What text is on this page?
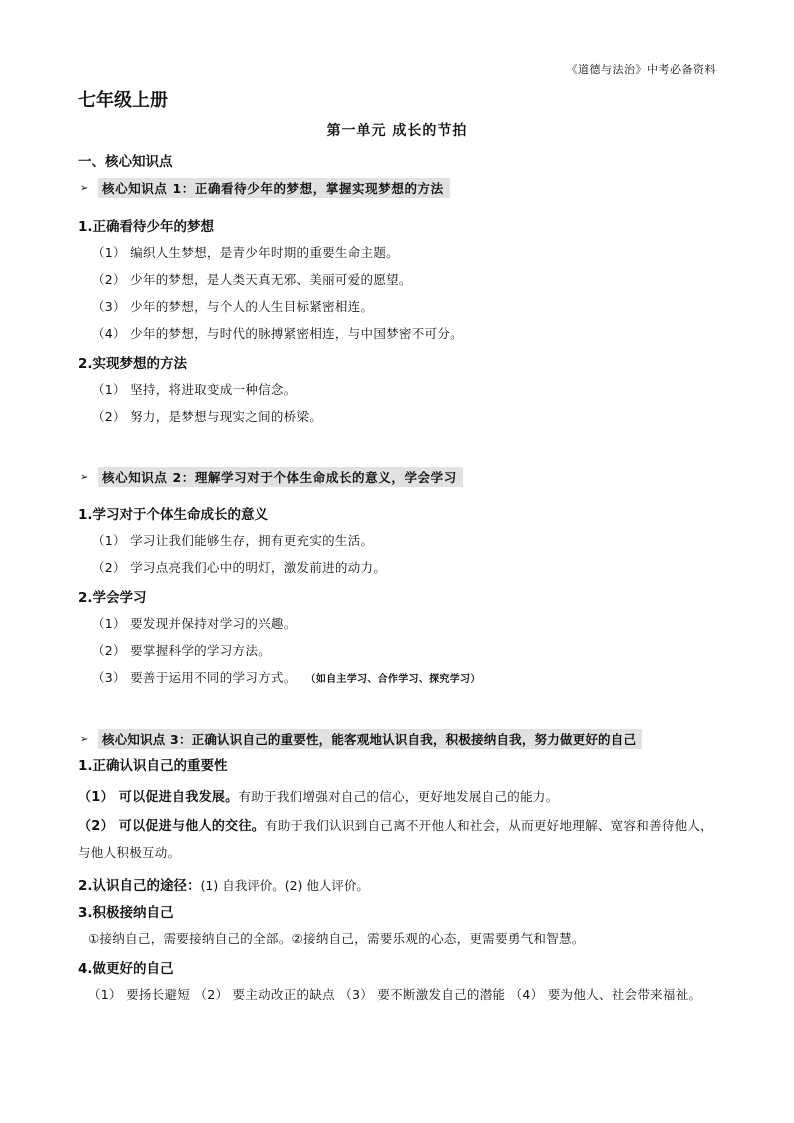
《道德与法治》中考必备资料
七年级上册
第一单元 成长的节拍
一、核心知识点
➢	核心知识点 1：正确看待少年的梦想，掌握实现梦想的方法
1.正确看待少年的梦想
（1） 编织人生梦想，是青少年时期的重要生命主题。
（2） 少年的梦想，是人类天真无邪、美丽可爱的愿望。
（3） 少年的梦想，与个人的人生目标紧密相连。
（4） 少年的梦想，与时代的脉搏紧密相连，与中国梦密不可分。
2.实现梦想的方法
（1） 坚持，将进取变成一种信念。
（2） 努力，是梦想与现实之间的桥梁。
➢	核心知识点 2：理解学习对于个体生命成长的意义，学会学习
1.学习对于个体生命成长的意义
（1） 学习让我们能够生存，拥有更充实的生活。
（2） 学习点亮我们心中的明灯，激发前进的动力。
2.学会学习
（1） 要发现并保持对学习的兴趣。
（2） 要掌握科学的学习方法。
（3） 要善于运用不同的学习方式。 （如自主学习、合作学习、探究学习）
➢	核心知识点 3：正确认识自己的重要性，能客观地认识自我，积极接纳自我，努力做更好的自己
1.正确认识自己的重要性
（1） 可以促进自我发展。有助于我们增强对自己的信心，更好地发展自己的能力。
（2） 可以促进与他人的交往。有助于我们认识到自己离不开他人和社会，从而更好地理解、宽容和善待他人，与他人积极互动。
2.认识自己的途径：(1) 自我评价。(2) 他人评价。
3.积极接纳自己
①接纳自己，需要接纳自己的全部。②接纳自己，需要乐观的心态，更需要勇气和智慧。
4.做更好的自己
（1） 要扬长避短 （2） 要主动改正的缺点 （3） 要不断激发自己的潜能 （4） 要为他人、社会带来福祉。
